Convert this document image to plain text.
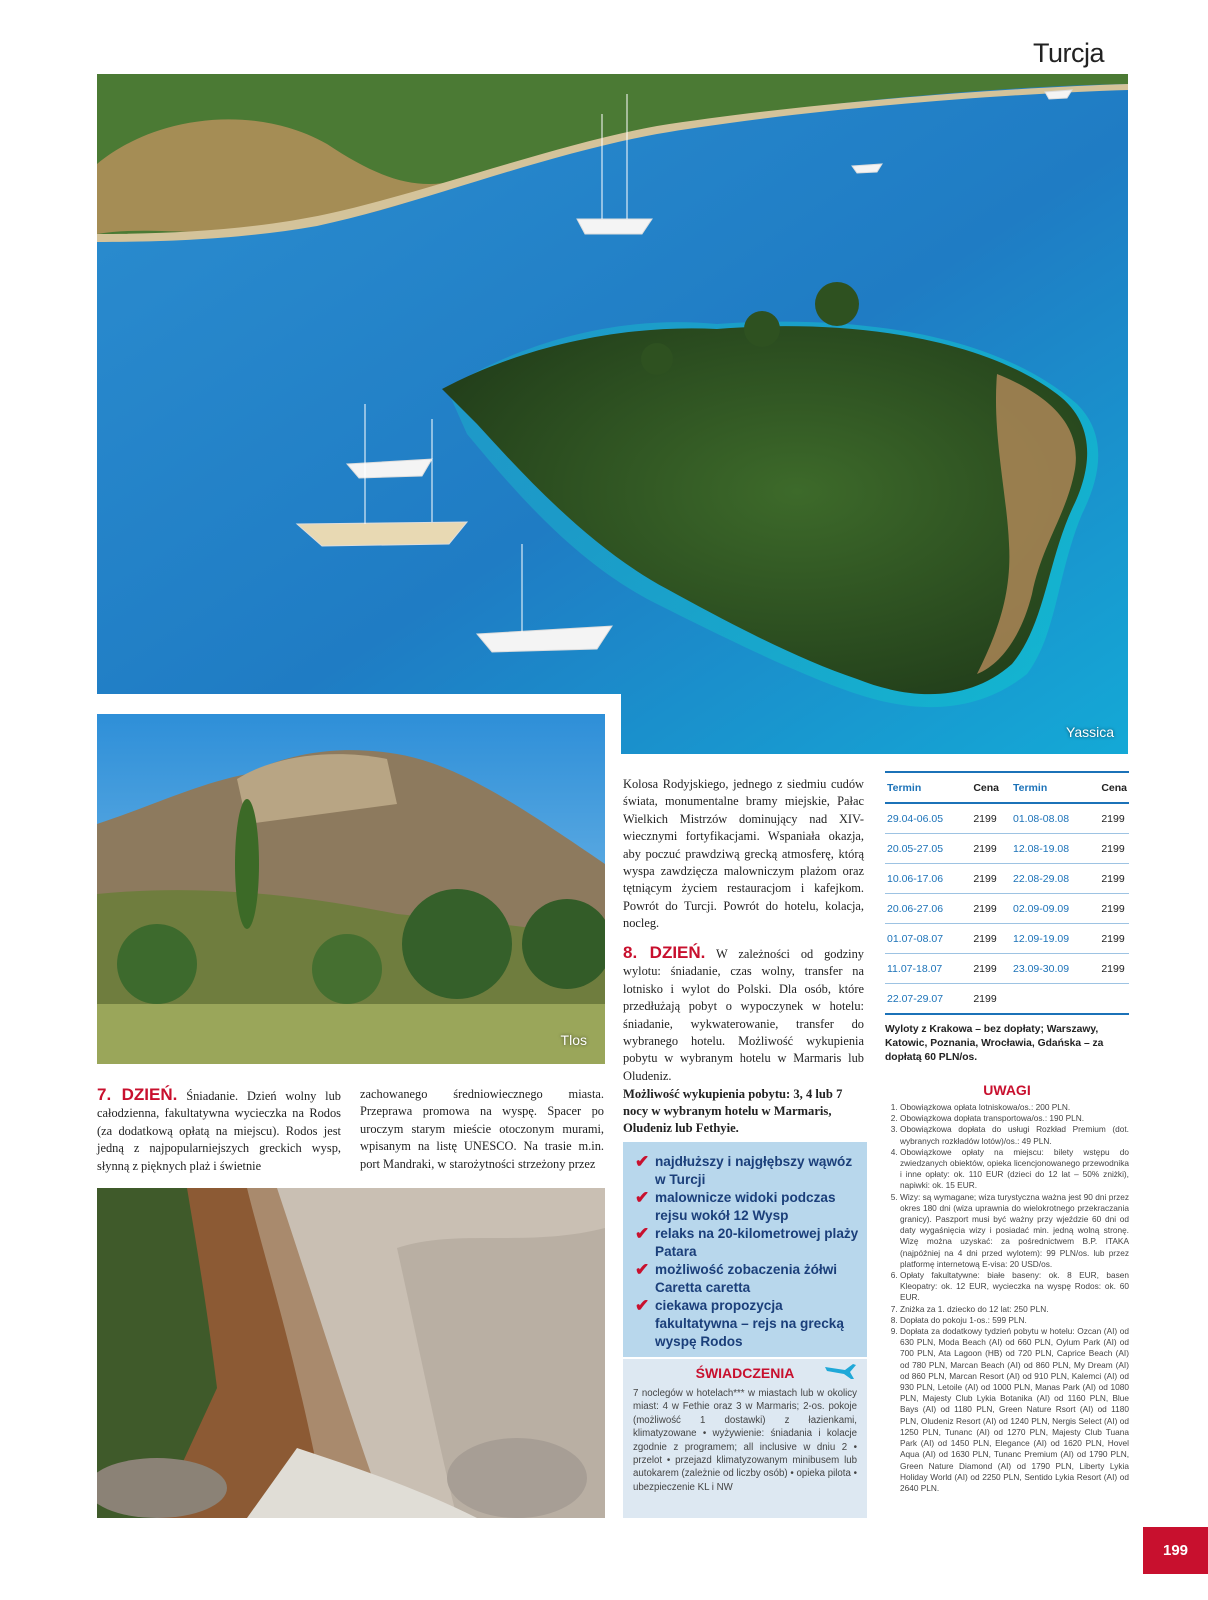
Turcja
Yassica
Tlos
Kolosa Rodyjskiego, jednego z siedmiu cudów świata, monumentalne bramy miejskie, Pałac Wielkich Mistrzów dominujący nad XIV-wiecznymi fortyfikacjami. Wspaniała okazja, aby poczuć prawdziwą grecką atmosferę, którą wyspa zawdzięcza malowniczym plażom oraz tętniącym życiem restauracjom i kafejkom. Powrót do Turcji. Powrót do hotelu, kolacja, nocleg.
8. DZIEŃ. W zależności od godziny wylotu: śniadanie, czas wolny, transfer na lotnisko i wylot do Polski. Dla osób, które przedłużają pobyt o wypoczynek w hotelu: śniadanie, wykwaterowanie, transfer do wybranego hotelu. Możliwość wykupienia pobytu w wybranym hotelu w Marmaris lub Oludeniz.
Termin	Cena	Termin	Cena
29.04-06.05	2199	01.08-08.08	2199
20.05-27.05	2199	12.08-19.08	2199
10.06-17.06	2199	22.08-29.08	2199
20.06-27.06	2199	02.09-09.09	2199
01.07-08.07	2199	12.09-19.09	2199
11.07-18.07	2199	23.09-30.09	2199
22.07-29.07	2199		
Wyloty z Krakowa – bez dopłaty; Warszawy, Katowic, Poznania, Wrocławia, Gdańska – za dopłatą 60 PLN/os.
7. DZIEŃ. Śniadanie. Dzień wolny lub całodzienna, fakultatywna wycieczka na Rodos (za dodatkową opłatą na miejscu). Rodos jest jedną z najpopularniejszych greckich wysp, słynną z pięknych plaż i świetnie
zachowanego średniowiecznego miasta. Przeprawa promowa na wyspę. Spacer po uroczym starym mieście otoczonym murami, wpisanym na listę UNESCO. Na trasie m.in. port Mandraki, w starożytności strzeżony przez
Możliwość wykupienia pobytu: 3, 4 lub 7 nocy w wybranym hotelu w Marmaris, Oludeniz lub Fethyie.
✔ najdłuższy i najgłębszy wąwóz w Turcji
✔ malownicze widoki podczas rejsu wokół 12 Wysp
✔ relaks na 20-kilometrowej plaży Patara
✔ możliwość zobaczenia żółwi Caretta caretta
✔ ciekawa propozycja fakultatywna – rejs na grecką wyspę Rodos
ŚWIADCZENIA
7 noclegów w hotelach*** w miastach lub w okolicy miast: 4 w Fethie oraz 3 w Marmaris; 2-os. pokoje (możliwość 1 dostawki) z łazienkami, klimatyzowane • wyżywienie: śniadania i kolacje zgodnie z programem; all inclusive w dniu 2 • przelot • przejazd klimatyzowanym minibusem lub autokarem (zależnie od liczby osób) • opieka pilota • ubezpieczenie KL i NW
UWAGI
1. Obowiązkowa opłata lotniskowa/os.: 200 PLN.
2. Obowiązkowa dopłata transportowa/os.: 190 PLN.
3. Obowiązkowa dopłata do usługi Rozkład Premium (dot. wybranych rozkładów lotów)/os.: 49 PLN.
4. Obowiązkowe opłaty na miejscu: bilety wstępu do zwiedzanych obiektów, opieka licencjonowanego przewodnika i inne opłaty: ok. 110 EUR (dzieci do 12 lat – 50% zniżki), napiwki: ok. 15 EUR.
5. Wizy: są wymagane; wiza turystyczna ważna jest 90 dni przez okres 180 dni (wiza uprawnia do wielokrotnego przekraczania granicy). Paszport musi być ważny przy wjeździe 60 dni od daty wygaśnięcia wizy i posiadać min. jedną wolną stronę. Wizę można uzyskać: za pośrednictwem B.P. ITAKA (najpóźniej na 4 dni przed wylotem): 99 PLN/os. lub przez platformę internetową E-visa: 20 USD/os.
6. Opłaty fakultatywne: białe baseny: ok. 8 EUR, basen Kleopatry: ok. 12 EUR, wycieczka na wyspę Rodos: ok. 60 EUR.
7. Zniżka za 1. dziecko do 12 lat: 250 PLN.
8. Dopłata do pokoju 1-os.: 599 PLN.
9. Dopłata za dodatkowy tydzień pobytu w hotelu: Ozcan (AI) od 630 PLN, Moda Beach (AI) od 660 PLN, Oylum Park (AI) od 700 PLN, Ata Lagoon (HB) od 720 PLN, Caprice Beach (AI) od 780 PLN, Marcan Beach (AI) od 860 PLN, My Dream (AI) od 860 PLN, Marcan Resort (AI) od 910 PLN, Kalemci (AI) od 930 PLN, Letoile (AI) od 1000 PLN, Manas Park (AI) od 1080 PLN, Majesty Club Lykia Botanika (AI) od 1160 PLN, Blue Bays (AI) od 1180 PLN, Green Nature Rsort (AI) od 1180 PLN, Oludeniz Resort (AI) od 1240 PLN, Nergis Select (AI) od 1250 PLN, Tunanc (AI) od 1270 PLN, Majesty Club Tuana Park (AI) od 1450 PLN, Elegance (AI) od 1620 PLN, Hovel Aqua (AI) od 1630 PLN, Tunanc Premium (AI) od 1790 PLN, Green Nature Diamond (AI) od 1790 PLN, Liberty Lykia Holiday World (AI) od 2250 PLN, Sentido Lykia Resort (AI) od 2640 PLN.
199
